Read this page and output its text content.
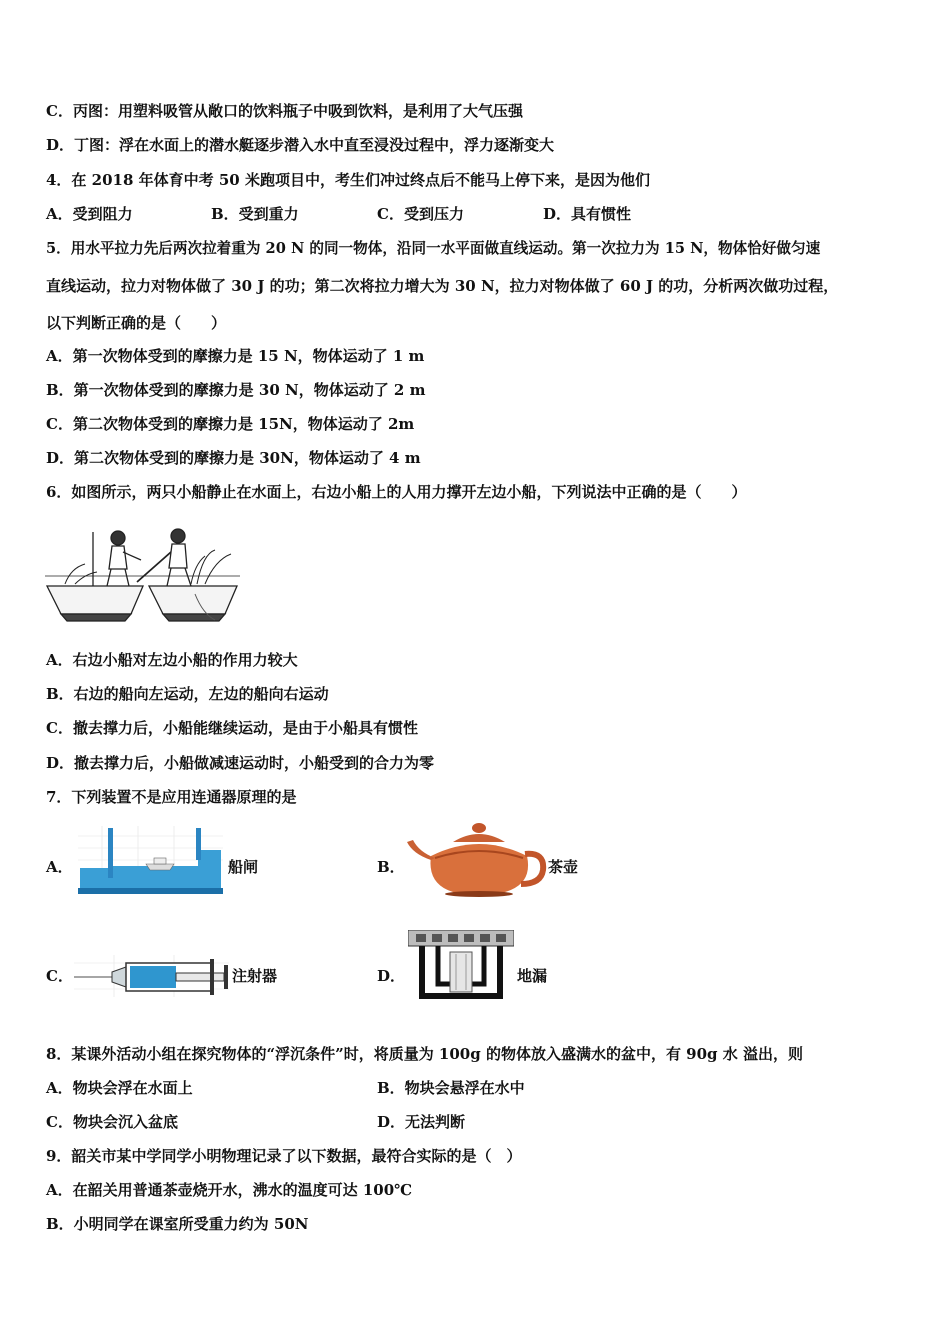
C．丙图：用塑料吸管从敞口的饮料瓶子中吸到饮料，是利用了大气压强
D．丁图：浮在水面上的潜水艇逐步潜入水中直至浸没过程中，浮力逐渐变大
4．在 2018 年体育中考 50 米跑项目中，考生们冲过终点后不能马上停下来，是因为他们
A．受到阻力	B．受到重力	C．受到压力	D．具有惯性
5．用水平拉力先后两次拉着重为 20 N 的同一物体，沿同一水平面做直线运动。第一次拉力为 15 N，物体恰好做匀速
直线运动，拉力对物体做了 30 J 的功；第二次将拉力增大为 30 N，拉力对物体做了 60 J 的功，分析两次做功过程，
以下判断正确的是（　　）
A．第一次物体受到的摩擦力是 15 N，物体运动了 1 m
B．第一次物体受到的摩擦力是 30 N，物体运动了 2 m
C．第二次物体受到的摩擦力是 15N，物体运动了 2m
D．第二次物体受到的摩擦力是 30N，物体运动了 4 m
6．如图所示，两只小船静止在水面上，右边小船上的人用力撑开左边小船，下列说法中正确的是（　　）
A．右边小船对左边小船的作用力较大
B．右边的船向左运动，左边的船向右运动
C．撤去撑力后，小船能继续运动，是由于小船具有惯性
D．撤去撑力后，小船做减速运动时，小船受到的合力为零
7．下列装置不是应用连通器原理的是
A．	船闸	B．	茶壶
C．	注射器	D．	地漏
8．某课外活动小组在探究物体的“浮沉条件”时，将质量为 100g 的物体放入盛满水的盆中，有 90g 水 溢出，则
A．物块会浮在水面上	B．物块会悬浮在水中
C．物块会沉入盆底	D．无法判断
9．韶关市某中学同学小明物理记录了以下数据，最符合实际的是（　）
A．在韶关用普通茶壶烧开水，沸水的温度可达 100℃
B．小明同学在课室所受重力约为 50N
